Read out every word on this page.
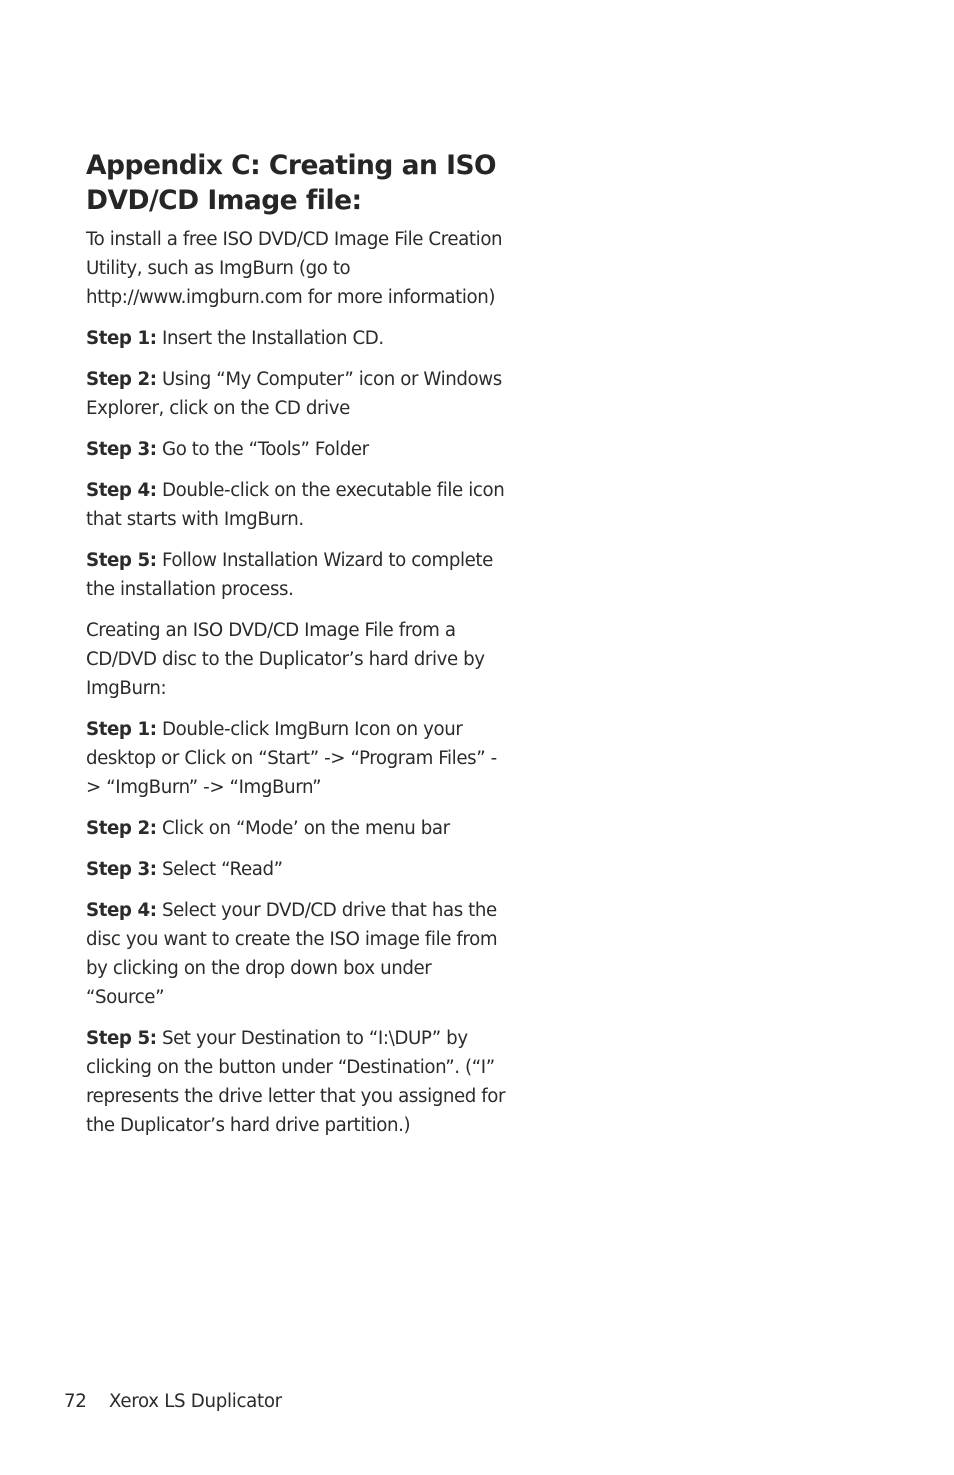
Appendix C: Creating an ISO DVD/CD Image file:

To install a free ISO DVD/CD Image File Creation Utility, such as ImgBurn (go to http://www.imgburn.com for more information)

Step 1: Insert the Installation CD.

Step 2: Using “My Computer” icon or Windows Explorer, click on the CD drive

Step 3: Go to the “Tools” Folder

Step 4: Double-click on the executable file icon that starts with ImgBurn.

Step 5: Follow Installation Wizard to complete the installation process.

Creating an ISO DVD/CD Image File from a CD/DVD disc to the Duplicator’s hard drive by ImgBurn:

Step 1: Double-click ImgBurn Icon on your desktop or Click on “Start” -> “Program Files” -> “ImgBurn” -> “ImgBurn”

Step 2: Click on “Mode’ on the menu bar

Step 3: Select “Read”

Step 4: Select your DVD/CD drive that has the disc you want to create the ISO image file from by clicking on the drop down box under “Source”

Step 5: Set your Destination to “I:\DUP” by clicking on the button under “Destination”. (“I” represents the drive letter that you assigned for the Duplicator’s hard drive partition.)

72 Xerox LS Duplicator
